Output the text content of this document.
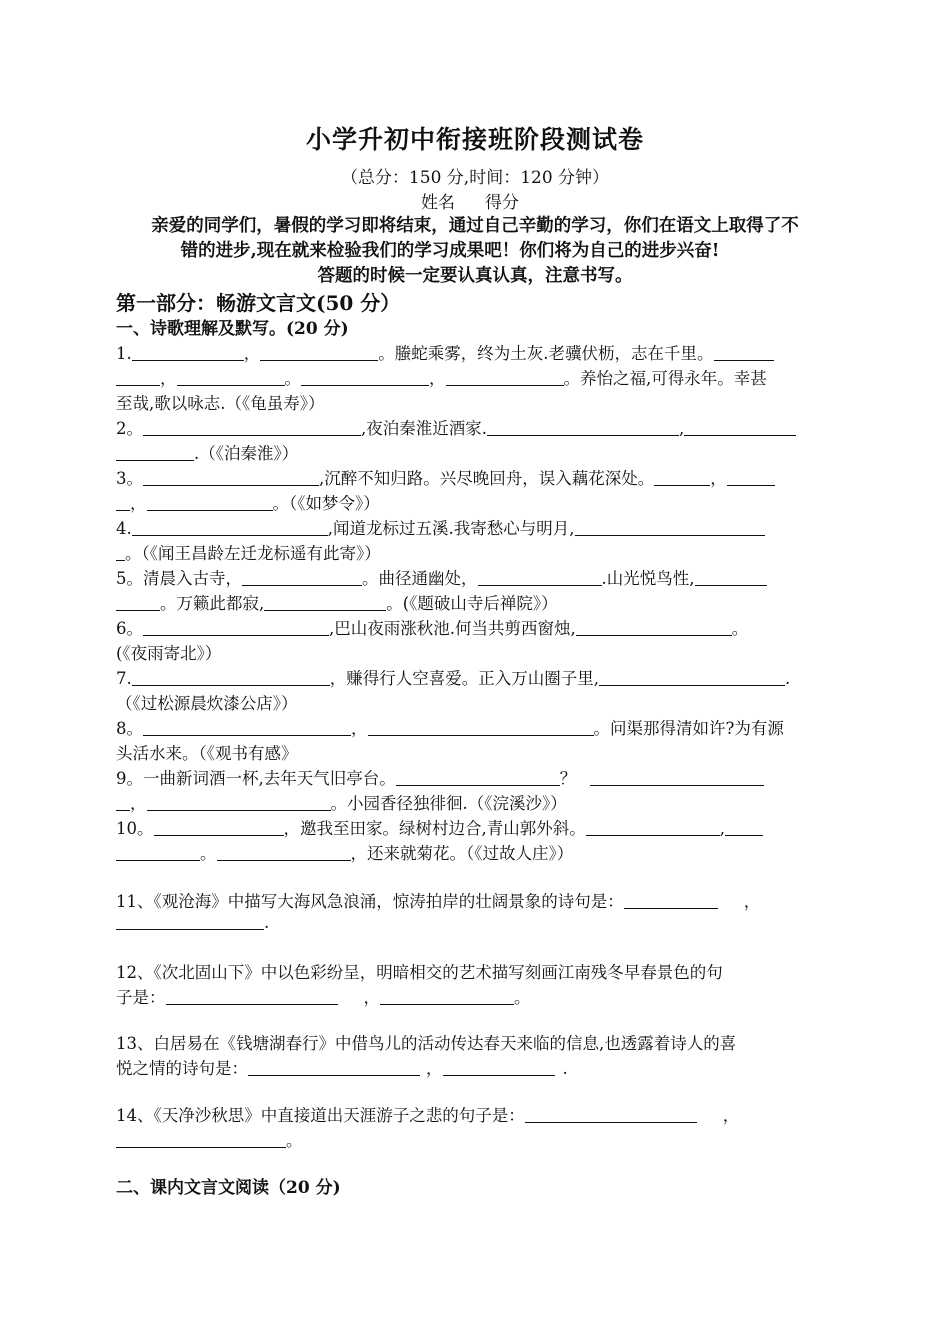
小学升初中衔接班阶段测试卷
（总分：150 分,时间：120 分钟）
姓名 得分
亲爱的同学们，暑假的学习即将结束，通过自己辛勤的学习，你们在语文上取得了不
错的进步,现在就来检验我们的学习成果吧！你们将为自己的进步兴奋!
答题的时候一定要认真认真，注意书写。
第一部分：畅游文言文(50 分）
一、诗歌理解及默写。(20 分)
1.	，	。螣蛇乘雾，终为土灰.老骥伏枥，志在千里。
，	。	，	。养怡之福,可得永年。幸甚
至哉,歌以咏志.（《龟虽寿》）
2。	,夜泊秦淮近酒家.	,
.（《泊秦淮》）
3。	,沉醉不知归路。兴尽晚回舟，误入藕花深处。	，
，	。（《如梦令》）
4.	,闻道龙标过五溪.我寄愁心与明月,
。（《闻王昌龄左迁龙标遥有此寄》）
5。清晨入古寺，	。曲径通幽处，	.山光悦鸟性,
。万籁此都寂,	。(《题破山寺后禅院》）
6。	,巴山夜雨涨秋池.何当共剪西窗烛,	。
(《夜雨寄北》）
7.	，赚得行人空喜爱。正入万山圈子里,	.
（《过松源晨炊漆公店》）
8。	，	。问渠那得清如许?为有源
头活水来。（《观书有感》
9。一曲新词酒一杯,去年天气旧亭台。	？
，	。小园香径独徘徊.（《浣溪沙》）
10。	，邀我至田家。绿树村边合,青山郭外斜。	,
。	，还来就菊花。（《过故人庄》）
11、《观沧海》中描写大海风急浪涌，惊涛拍岸的壮阔景象的诗句是：	，
.
12、《次北固山下》中以色彩纷呈，明暗相交的艺术描写刻画江南残冬早春景色的句
子是：	，	。
13、白居易在《钱塘湖春行》中借鸟儿的活动传达春天来临的信息,也透露着诗人的喜
悦之情的诗句是：	，	.
14、《天净沙秋思》中直接道出天涯游子之悲的句子是：	，
。
二、课内文言文阅读（20 分)
